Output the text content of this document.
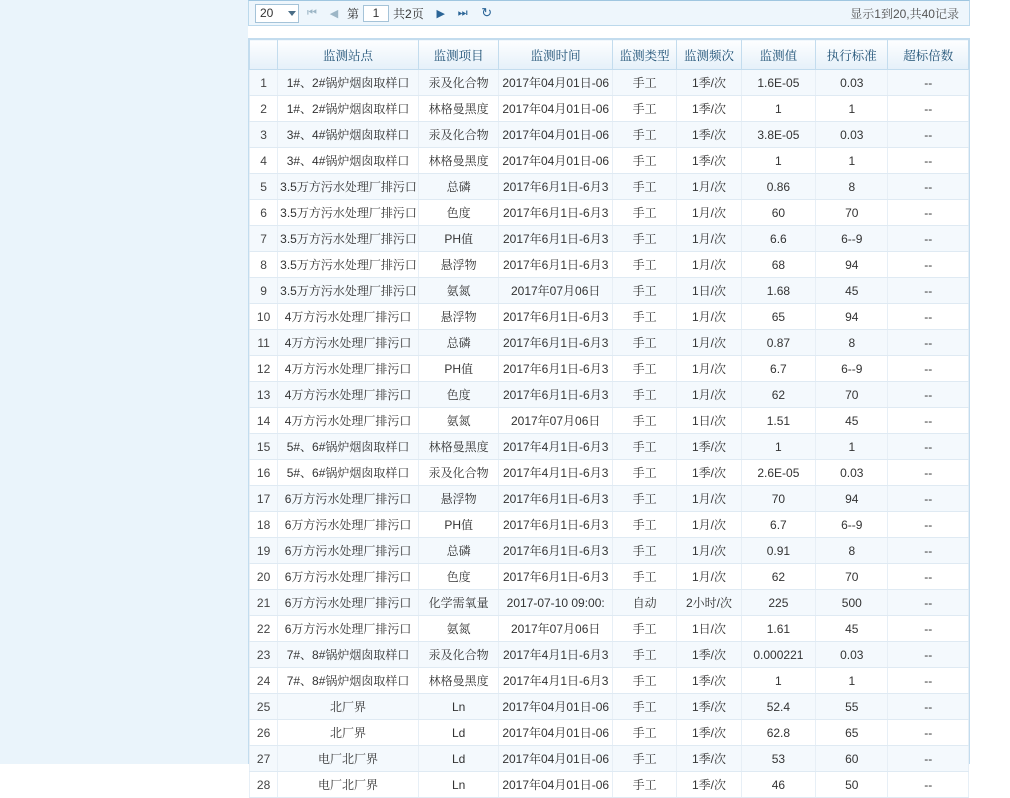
20	⏮	◀ 第
1	共2页	▶	⏭	↻	显示1到20,共40记录
	监测站点	监测项目	监测时间	监测类型	监测频次	监测值	执行标准	超标倍数
1	1#、2#锅炉烟囱取样口	汞及化合物	2017年04月01日-06	手工	1季/次	1.6E-05	0.03	--
2	1#、2#锅炉烟囱取样口	林格曼黑度	2017年04月01日-06	手工	1季/次	1	1	--
3	3#、4#锅炉烟囱取样口	汞及化合物	2017年04月01日-06	手工	1季/次	3.8E-05	0.03	--
4	3#、4#锅炉烟囱取样口	林格曼黑度	2017年04月01日-06	手工	1季/次	1	1	--
5	3.5万方污水处理厂排污口	总磷	2017年6月1日-6月3	手工	1月/次	0.86	8	--
6	3.5万方污水处理厂排污口	色度	2017年6月1日-6月3	手工	1月/次	60	70	--
7	3.5万方污水处理厂排污口	PH值	2017年6月1日-6月3	手工	1月/次	6.6	6--9	--
8	3.5万方污水处理厂排污口	悬浮物	2017年6月1日-6月3	手工	1月/次	68	94	--
9	3.5万方污水处理厂排污口	氨氮	2017年07月06日	手工	1日/次	1.68	45	--
10	4万方污水处理厂排污口	悬浮物	2017年6月1日-6月3	手工	1月/次	65	94	--
11	4万方污水处理厂排污口	总磷	2017年6月1日-6月3	手工	1月/次	0.87	8	--
12	4万方污水处理厂排污口	PH值	2017年6月1日-6月3	手工	1月/次	6.7	6--9	--
13	4万方污水处理厂排污口	色度	2017年6月1日-6月3	手工	1月/次	62	70	--
14	4万方污水处理厂排污口	氨氮	2017年07月06日	手工	1日/次	1.51	45	--
15	5#、6#锅炉烟囱取样口	林格曼黑度	2017年4月1日-6月3	手工	1季/次	1	1	--
16	5#、6#锅炉烟囱取样口	汞及化合物	2017年4月1日-6月3	手工	1季/次	2.6E-05	0.03	--
17	6万方污水处理厂排污口	悬浮物	2017年6月1日-6月3	手工	1月/次	70	94	--
18	6万方污水处理厂排污口	PH值	2017年6月1日-6月3	手工	1月/次	6.7	6--9	--
19	6万方污水处理厂排污口	总磷	2017年6月1日-6月3	手工	1月/次	0.91	8	--
20	6万方污水处理厂排污口	色度	2017年6月1日-6月3	手工	1月/次	62	70	--
21	6万方污水处理厂排污口	化学需氧量	2017-07-10 09:00:	自动	2小时/次	225	500	--
22	6万方污水处理厂排污口	氨氮	2017年07月06日	手工	1日/次	1.61	45	--
23	7#、8#锅炉烟囱取样口	汞及化合物	2017年4月1日-6月3	手工	1季/次	0.000221	0.03	--
24	7#、8#锅炉烟囱取样口	林格曼黑度	2017年4月1日-6月3	手工	1季/次	1	1	--
25	北厂界	Ln	2017年04月01日-06	手工	1季/次	52.4	55	--
26	北厂界	Ld	2017年04月01日-06	手工	1季/次	62.8	65	--
27	电厂北厂界	Ld	2017年04月01日-06	手工	1季/次	53	60	--
28	电厂北厂界	Ln	2017年04月01日-06	手工	1季/次	46	50	--
